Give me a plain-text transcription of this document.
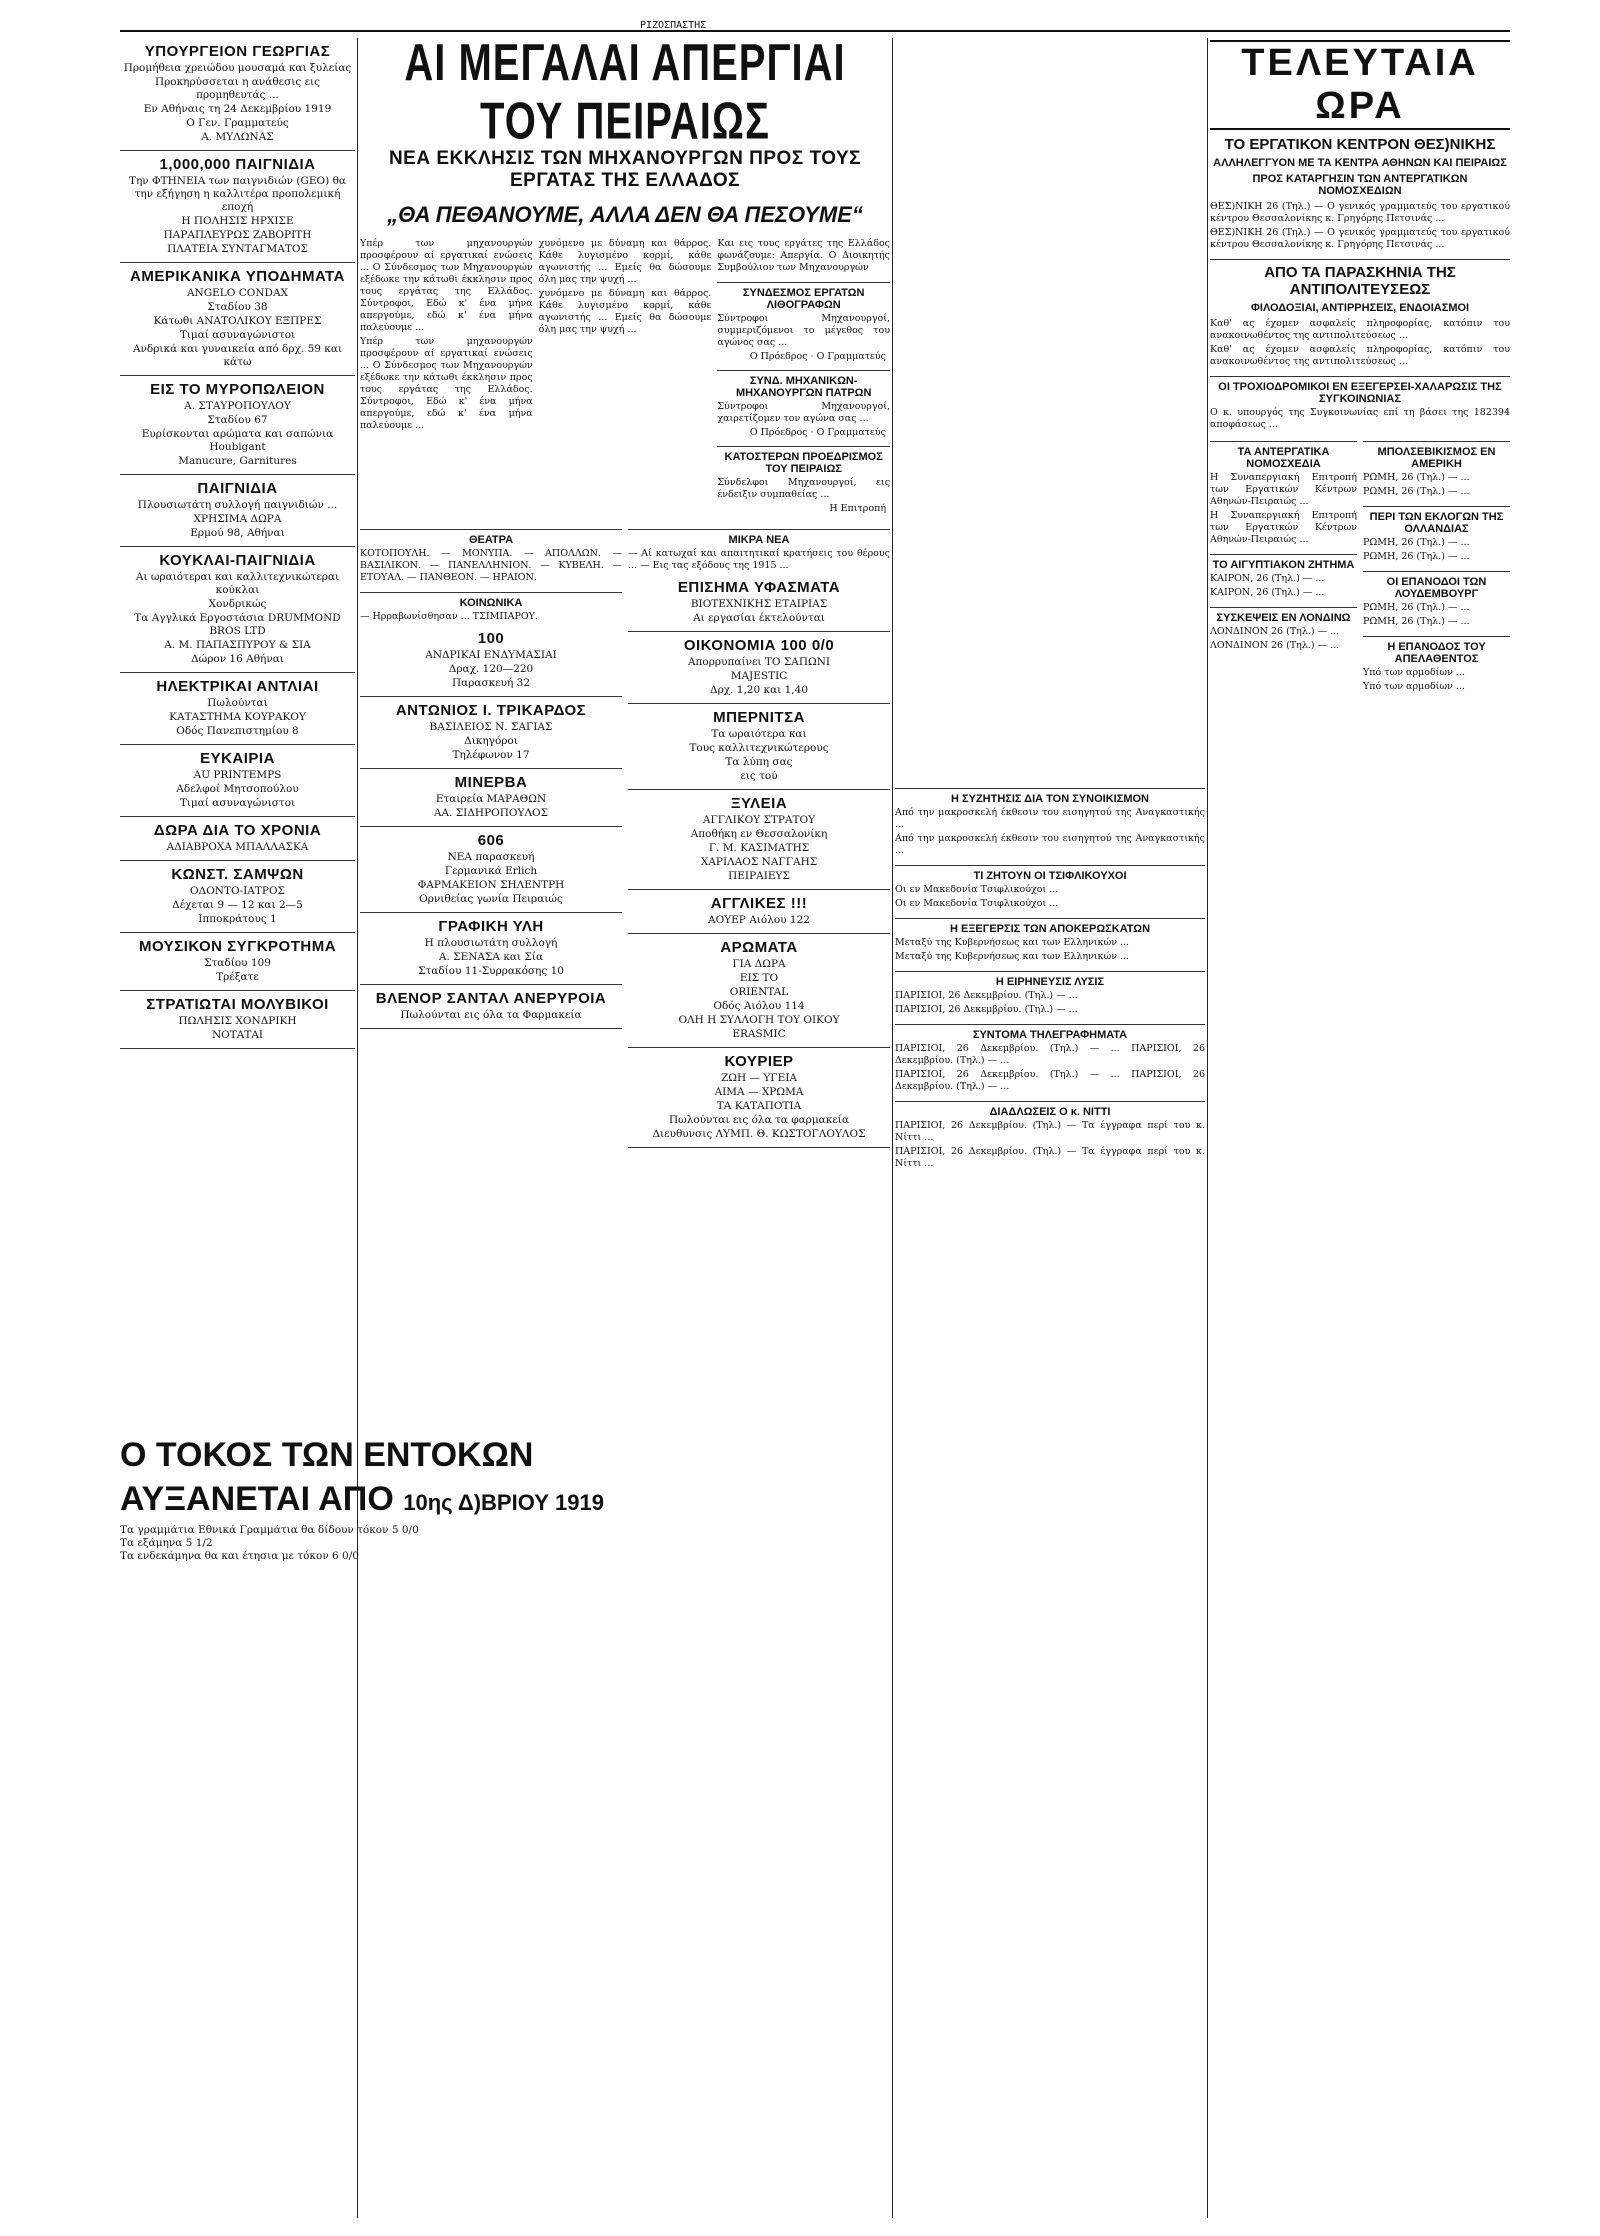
ΡΙΖΟΣΠΑΣΤΗΣ
ΥΠΟΥΡΓΕΙΟΝ ΓΕΩΡΓΙΑΣ

Προμήθεια χρειώδου μουσαμά και ξυλείας

Προκηρύσσεται η ανάθεσις εις προμηθευτάς ...

Εν Αθήναις τη 24 Δεκεμβρίου 1919

Ο Γεν. Γραμματεύς

Α. ΜΥΛΩΝΑΣ

1,000,000 ΠΑΙΓΝΙΔΙΑ

Την ΦΤΗΝΕΙΑ των παιγνιδιών (GEO) θα την εξήγηση η καλλιτέρα προπολεμική εποχή

Η ΠΟΛΗΣΙΣ ΗΡΧΙΣΕ

ΠΑΡΑΠΛΕΥΡΩΣ ΖΑΒΟΡΙΤΗ

ΠΛΑΤΕΙΑ ΣΥΝΤΑΓΜΑΤΟΣ

ΑΜΕΡΙΚΑΝΙΚΑ ΥΠΟΔΗΜΑΤΑ

ANGELO CONDAX

Σταδίου 38

Κάτωθι ΑΝΑΤΟΛΙΚΟΥ ΕΞΠΡΕΣ

Τιμαί ασυναγώνιστοι

Ανδρικά και γυναικεία από δρχ. 59 και κάτω

ΕΙΣ ΤΟ ΜΥΡΟΠΩΛΕΙΟΝ

Α. ΣΤΑΥΡΟΠΟΥΛΟΥ

Σταδίου 67

Ευρίσκονται αρώματα και σαπώνια Houbigant

Manucure, Garnitures

ΠΑΙΓΝΙΔΙΑ

Πλουσιωτάτη συλλογή παιγνιδιών ...

ΧΡΗΣΙΜΑ ΔΩΡΑ

Ερμού 98, Αθήναι

ΚΟΥΚΛΑΙ-ΠΑΙΓΝΙΔΙΑ

Αι ωραιότεραι και καλλιτεχνικώτεραι κούκλαι

Χονδρικώς

Τα Αγγλικά Εργοστάσια DRUMMOND BROS LTD

Α. Μ. ΠΑΠΑΣΠΥΡΟΥ & ΣΙΑ

Δώρον 16 Αθήναι

ΗΛΕΚΤΡΙΚΑΙ ΑΝΤΛΙΑΙ

Πωλούνται

ΚΑΤΑΣΤΗΜΑ ΚΟΥΡΑΚΟΥ

Οδός Πανεπιστημίου 8

ΕΥΚΑΙΡΙΑ

AU PRINTEMPS

Αδελφοί Μητσοπούλου

Τιμαί ασυναγώνιστοι

ΔΩΡΑ ΔΙΑ ΤΟ ΧΡΟΝΙΑ

ΑΔΙΑΒΡΟΧΑ ΜΠΑΛΛΑΣΚΑ

ΚΩΝΣΤ. ΣΑΜΨΩΝ

ΟΔΟΝΤΟ-ΙΑΤΡΟΣ

Δέχεται 9 — 12 και 2—5

Ιπποκράτους 1

ΜΟΥΣΙΚΟΝ ΣΥΓΚΡΟΤΗΜΑ

Σταδίου 109

Τρέξατε

ΣΤΡΑΤΙΩΤΑΙ ΜΟΛΥΒΙΚΟΙ

ΠΩΛΗΣΙΣ ΧΟΝΔΡΙΚΗ

ΝΟΤΑΤΑΙ

Ο ΤΟΚΟΣ ΤΩΝ ΕΝΤΟΚΩΝ
ΑΥΞΑΝΕΤΑΙ ΑΠΟ 10ης Δ)ΒΡΙΟΥ 1919
Τα γραμμάτια Εθνικά Γραμμάτια θα δίδουν τόκον 5 0/0
Τα εξάμηνα 5 1/2
Τα ενδεκάμηνα θα και έτησια με τόκον 6 0/0
ΑΙ ΜΕΓΑΛΑΙ ΑΠΕΡΓΙΑΙ ΤΟΥ ΠΕΙΡΑΙΩΣ
ΝΕΑ ΕΚΚΛΗΣΙΣ ΤΩΝ ΜΗΧΑΝΟΥΡΓΩΝ ΠΡΟΣ ΤΟΥΣ ΕΡΓΑΤΑΣ ΤΗΣ ΕΛΛΑΔΟΣ
„ΘΑ ΠΕΘΑΝΟΥΜΕ, ΑΛΛΑ ΔΕΝ ΘΑ ΠΕΣΟΥΜΕ“

Υπέρ των μηχανουργών προσφέρουν αί εργατικαί ενώσεις ... Ο Σύνδεσμος των Μηχανουργών εξέδωκε την κάτωθι έκκλησιν προς τους εργάτας της Ελλάδος. Σύντροφοι, Εδώ κ' ένα μήνα απεργούμε, εδώ κ' ένα μήνα παλεύουμε ...

Υπέρ των μηχανουργών προσφέρουν αί εργατικαί ενώσεις ... Ο Σύνδεσμος των Μηχανουργών εξέδωκε την κάτωθι έκκλησιν προς τους εργάτας της Ελλάδος. Σύντροφοι, Εδώ κ' ένα μήνα απεργούμε, εδώ κ' ένα μήνα παλεύουμε ...

χυνόμενο με δύναμη και θάρρος. Κάθε λυγισμένο κορμί, κάθε αγωνιστής ... Εμείς θα δώσουμε όλη μας την ψυχή ...

χυνόμενο με δύναμη και θάρρος. Κάθε λυγισμένο κορμί, κάθε αγωνιστής ... Εμείς θα δώσουμε όλη μας την ψυχή ...

Και εις τους εργάτες της Ελλάδος φωνάζουμε: Απεργία. Ο Διοικητής Συμβούλιον των Μηχανουργών

ΣΥΝΔΕΣΜΟΣ ΕΡΓΑΤΩΝ ΛΙΘΟΓΡΑΦΩΝ

Σύντροφοι Μηχανουργοί, συμμεριζόμενοι το μέγεθος του αγώνος σας ...

Ο Πρόεδρος · Ο Γραμματεύς
ΣΥΝΔ. ΜΗΧΑΝΙΚΩΝ-ΜΗΧΑΝΟΥΡΓΩΝ ΠΑΤΡΩΝ

Σύντροφοι Μηχανουργοί, χαιρετίζομεν τον αγώνα σας ...

Ο Πρόεδρος · Ο Γραμματεύς
ΚΑΤΟΣΤΕΡΩΝ ΠΡΟΕΔΡΙΣΜΟΣ ΤΟΥ ΠΕΙΡΑΙΩΣ

Σύνδελφοι Μηχανουργοί, εις ένδειξιν συμπαθείας ...

Η Επιτροπή
ΘΕΑΤΡΑ

ΚΟΤΟΠΟΥΛΗ. — ΜΟΝΥΠΑ. — ΑΠΟΛΛΩΝ. — ΒΑΣΙΛΙΚΟΝ. — ΠΑΝΕΛΛΗΝΙΟΝ. — ΚΥΒΕΛΗ. — ΕΤΟΥΑΛ. — ΠΑΝΘΕΟΝ. — ΗΡΑΙΟΝ.

ΚΟΙΝΩΝΙΚΑ

— Ηρραβωνίσθησαν ... ΤΣΙΜΠΑΡΟΥ.

100

ΑΝΔΡΙΚΑΙ ΕΝΔΥΜΑΣΙΑΙ

Δραχ. 120—220

Παρασκευή 32

ΑΝΤΩΝΙΟΣ Ι. ΤΡΙΚΑΡΔΟΣ

ΒΑΣΙΛΕΙΟΣ Ν. ΣΑΓΙΑΣ

Δικηγόροι

Τηλέφωνον 17

ΜΙΝΕΡΒΑ

Εταιρεία ΜΑΡΑΘΩΝ

ΑΑ. ΣΙΔΗΡΟΠΟΥΛΟΣ

606

ΝΕΑ παρασκευή

Γερμανικά Erlich

ΦΑΡΜΑΚΕΙΟΝ ΣΗΛΕΝΤΡΗ

Ορνιθείας γωνία Πειραιώς

ΓΡΑΦΙΚΗ ΥΛΗ

Η πλουσιωτάτη συλλογή

Α. ΣΕΝΑΣΑ και Σία

Σταδίου 11-Συρρακόσης 10

ΒΛΕΝΟΡ ΣΑΝΤΑΛ ΑΝΕΡΥΡΟΙΑ

Πωλούνται εις όλα τα Φαρμακεία

ΜΙΚΡΑ ΝΕΑ

— Αί κατωχαί και απαιτητικαί κρατήσεις του θέρους ... — Εις τας εξόδους της 1915 ...

ΕΠΙΣΗΜΑ ΥΦΑΣΜΑΤΑ

ΒΙΟΤΕΧΝΙΚΗΣ ΕΤΑΙΡΙΑΣ

Αι εργασίαι έκτελούνται

ΟΙΚΟΝΟΜΙΑ 100 0/0

Απορρυπαίνει ΤΟ ΣΑΠΩΝΙ

MAJESTIC

Δρχ. 1,20 και 1,40

ΜΠΕΡΝΙΤΣΑ

Τα ωραιότερα και

Τους καλλιτεχνικώτερους

Τα λύπη σας

εις τού

ΞΥΛΕΙΑ

ΑΓΓΛΙΚΟΥ ΣΤΡΑΤΟΥ

Αποθήκη εν Θεσσαλονίκη

Γ. Μ. ΚΑΣΙΜΑΤΗΣ

ΧΑΡΙΛΑΟΣ ΝΑΓΓΑΗΣ

ΠΕΙΡΑΙΕΥΣ

ΑΓΓΛΙΚΕΣ !!!

ΑΟΥΕΡ Αιόλου 122

ΑΡΩΜΑΤΑ

ΓΙΑ ΔΩΡΑ

ΕΙΣ ΤΟ

ORIENTAL

Οδός Αιόλου 114

ΟΛΗ Η ΣΥΛΛΟΓΗ ΤΟΥ ΟΙΚΟΥ

ERASMIC

ΚΟΥΡΙΕΡ

ΖΩΗ — ΥΓΕΙΑ

ΑΙΜΑ — ΧΡΩΜΑ

ΤΑ ΚΑΤΑΠΟΤΙΑ

Πωλούνται εις όλα τα φαρμακεία

Διευθυνσις ΛΥΜΠ. Θ. ΚΩΣΤΟΓΛΟΥΛΟΣ

Η ΣΥΖΗΤΗΣΙΣ ΔΙΑ ΤΟΝ ΣΥΝΟΙΚΙΣΜΟΝ

Από την μακροσκελή έκθεσιν του εισηγητού της Αναγκαστικής ...

Από την μακροσκελή έκθεσιν του εισηγητού της Αναγκαστικής ...

ΤΙ ΖΗΤΟΥΝ ΟΙ ΤΣΙΦΛΙΚΟΥΧΟΙ

Οι εν Μακεδονία Τσιφλικούχοι ...

Οι εν Μακεδονία Τσιφλικούχοι ...

Η ΕΞΕΓΕΡΣΙΣ ΤΩΝ ΑΠΟΚΕΡΩΣΚΑΤΩΝ

Μεταξύ της Κυβερνήσεως και των Ελληνικών ...

Μεταξύ της Κυβερνήσεως και των Ελληνικών ...

Η ΕΙΡΗΝΕΥΣΙΣ ΛΥΣΙΣ

ΠΑΡΙΣΙΟΙ, 26 Δεκεμβρίου. (Τηλ.) — ...

ΠΑΡΙΣΙΟΙ, 26 Δεκεμβρίου. (Τηλ.) — ...

ΣΥΝΤΟΜΑ ΤΗΛΕΓΡΑΦΗΜΑΤΑ

ΠΑΡΙΣΙΟΙ, 26 Δεκεμβρίου. (Τηλ.) — ... ΠΑΡΙΣΙΟΙ, 26 Δεκεμβρίου. (Τηλ.) — ...

ΠΑΡΙΣΙΟΙ, 26 Δεκεμβρίου. (Τηλ.) — ... ΠΑΡΙΣΙΟΙ, 26 Δεκεμβρίου. (Τηλ.) — ...

ΔΙΑΔΛΩΣΕΙΣ Ο κ. ΝΙΤΤΙ

ΠΑΡΙΣΙΟΙ, 26 Δεκεμβρίου. (Τηλ.) — Τα έγγραφα περί του κ. Νίττι ...

ΠΑΡΙΣΙΟΙ, 26 Δεκεμβρίου. (Τηλ.) — Τα έγγραφα περί του κ. Νίττι ...

ΤΕΛΕΥΤΑΙΑ ΩΡΑ
ΤΟ ΕΡΓΑΤΙΚΟΝ ΚΕΝΤΡΟΝ ΘΕΣ)ΝΙΚΗΣ
ΑΛΛΗΛΕΓΓΥΟΝ ΜΕ ΤΑ ΚΕΝΤΡΑ ΑΘΗΝΩΝ ΚΑΙ ΠΕΙΡΑΙΩΣ
ΠΡΟΣ ΚΑΤΑΡΓΗΣΙΝ ΤΩΝ ΑΝΤΕΡΓΑΤΙΚΩΝ ΝΟΜΟΣΧΕΔΙΩΝ

ΘΕΣ)ΝΙΚΗ 26 (Τηλ.) — Ο γενικός γραμματεύς του εργατικού κέντρου Θεσσαλονίκης κ. Γρηγόρης Πετσινάς ...

ΘΕΣ)ΝΙΚΗ 26 (Τηλ.) — Ο γενικός γραμματεύς του εργατικού κέντρου Θεσσαλονίκης κ. Γρηγόρης Πετσινάς ...

ΑΠΟ ΤΑ ΠΑΡΑΣΚΗΝΙΑ ΤΗΣ ΑΝΤΙΠΟΛΙΤΕΥΣΕΩΣ
ΦΙΛΟΔΟΞΙΑΙ, ΑΝΤΙΡΡΗΣΕΙΣ, ΕΝΔΟΙΑΣΜΟΙ

Καθ' ας έχομεν ασφαλείς πληροφορίας, κατόπιν του ανακοινωθέντος της αντιπολιτεύσεως ...

Καθ' ας έχομεν ασφαλείς πληροφορίας, κατόπιν του ανακοινωθέντος της αντιπολιτεύσεως ...

ΟΙ ΤΡΟΧΙΟΔΡΟΜΙΚΟΙ ΕΝ ΕΞΕΓΕΡΣΕΙ-ΧΑΛΑΡΩΣΙΣ ΤΗΣ ΣΥΓΚΟΙΝΩΝΙΑΣ

Ο κ. υπουργός της Συγκοινωνίας επί τη βάσει της 182394 αποφάσεως ...

ΤΑ ΑΝΤΕΡΓΑΤΙΚΑ ΝΟΜΟΣΧΕΔΙΑ

Η Συναπεργιακή Επιτροπή των Εργατικών Κέντρων Αθηνών-Πειραιώς ...

Η Συναπεργιακή Επιτροπή των Εργατικών Κέντρων Αθηνών-Πειραιώς ...

ΤΟ ΑΙΓΥΠΤΙΑΚΟΝ ΖΗΤΗΜΑ

ΚΑΙΡΟΝ, 26 (Τηλ.) — ...

ΚΑΙΡΟΝ, 26 (Τηλ.) — ...

ΣΥΣΚΕΨΕΙΣ ΕΝ ΛΟΝΔΙΝΩ

ΛΟΝΔΙΝΟΝ 26 (Τηλ.) — ...

ΛΟΝΔΙΝΟΝ 26 (Τηλ.) — ...

ΜΠΟΛΣΕΒΙΚΙΣΜΟΣ ΕΝ ΑΜΕΡΙΚΗ

ΡΩΜΗ, 26 (Τηλ.) — ...

ΡΩΜΗ, 26 (Τηλ.) — ...

ΠΕΡΙ ΤΩΝ ΕΚΛΟΓΩΝ ΤΗΣ ΟΛΛΑΝΔΙΑΣ

ΡΩΜΗ, 26 (Τηλ.) — ...

ΡΩΜΗ, 26 (Τηλ.) — ...

ΟΙ ΕΠΑΝΟΔΟΙ ΤΩΝ ΛΟΥΔΕΜΒΟΥΡΓ

ΡΩΜΗ, 26 (Τηλ.) — ...

ΡΩΜΗ, 26 (Τηλ.) — ...

Η ΕΠΑΝΟΔΟΣ ΤΟΥ ΑΠΕΛΑΘΕΝΤΟΣ

Υπό των αρμοδίων ...

Υπό των αρμοδίων ...
